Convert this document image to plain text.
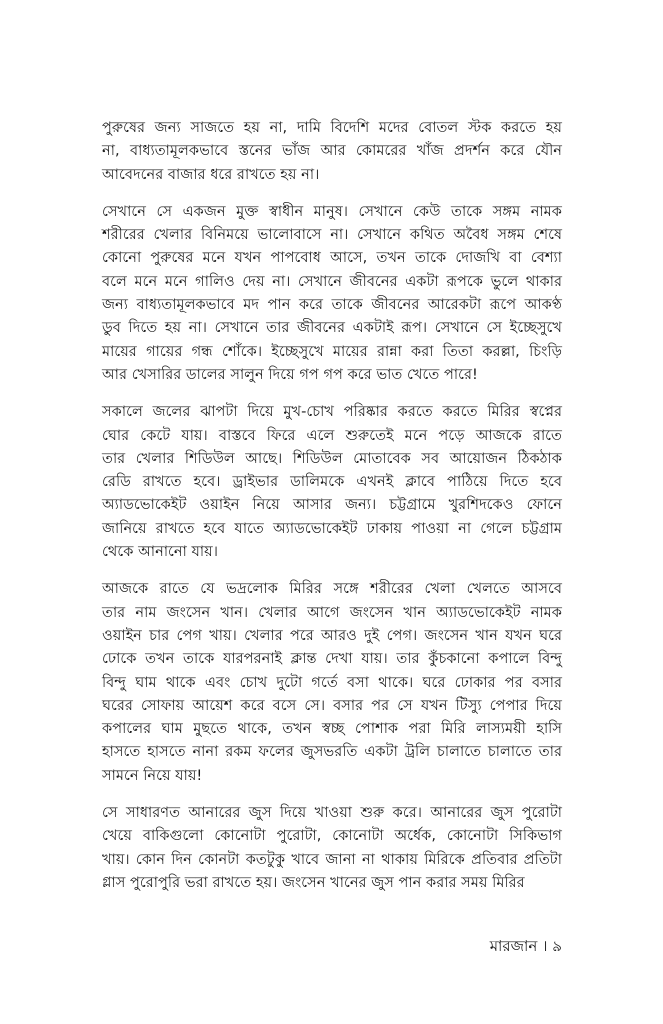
পুরুষের জন্য সাজতে হয় না, দামি বিদেশি মদের বোতল স্টক করতে হয়
না, বাধ্যতামূলকভাবে স্তনের ভাঁজ আর কোমরের খাঁজ প্রদর্শন করে যৌন
আবেদনের বাজার ধরে রাখতে হয় না।

সেখানে সে একজন মুক্ত স্বাধীন মানুষ। সেখানে কেউ তাকে সঙ্গম নামক
শরীরের খেলার বিনিময়ে ভালোবাসে না। সেখানে কথিত অবৈধ সঙ্গম শেষে
কোনো পুরুষের মনে যখন পাপবোধ আসে, তখন তাকে দোজখি বা বেশ্যা
বলে মনে মনে গালিও দেয় না। সেখানে জীবনের একটা রূপকে ভুলে থাকার
জন্য বাধ্যতামূলকভাবে মদ পান করে তাকে জীবনের আরেকটা রূপে আকণ্ঠ
ডুব দিতে হয় না। সেখানে তার জীবনের একটাই রূপ। সেখানে সে ইচ্ছেসুখে
মায়ের গায়ের গন্ধ শোঁকে। ইচ্ছেসুখে মায়ের রান্না করা তিতা করল্লা, চিংড়ি
আর খেসারির ডালের সালুন দিয়ে গপ গপ করে ভাত খেতে পারে!

সকালে জলের ঝাপটা দিয়ে মুখ-চোখ পরিষ্কার করতে করতে মিরির স্বপ্নের
ঘোর কেটে যায়। বাস্তবে ফিরে এলে শুরুতেই মনে পড়ে আজকে রাতে
তার খেলার শিডিউল আছে। শিডিউল মোতাবেক সব আয়োজন ঠিকঠাক
রেডি রাখতে হবে। ড্রাইভার ডালিমকে এখনই ক্লাবে পাঠিয়ে দিতে হবে
অ্যাডভোকেইট ওয়াইন নিয়ে আসার জন্য। চট্টগ্রামে খুরশিদকেও ফোনে
জানিয়ে রাখতে হবে যাতে অ্যাডভোকেইট ঢাকায় পাওয়া না গেলে চট্টগ্রাম
থেকে আনানো যায়।

আজকে রাতে যে ভদ্রলোক মিরির সঙ্গে শরীরের খেলা খেলতে আসবে
তার নাম জংসেন খান। খেলার আগে জংসেন খান অ্যাডভোকেইট নামক
ওয়াইন চার পেগ খায়। খেলার পরে আরও দুই পেগ। জংসেন খান যখন ঘরে
ঢোকে তখন তাকে যারপরনাই ক্লান্ত দেখা যায়। তার কুঁচকানো কপালে বিন্দু
বিন্দু ঘাম থাকে এবং চোখ দুটো গর্তে বসা থাকে। ঘরে ঢোকার পর বসার
ঘরের সোফায় আয়েশ করে বসে সে। বসার পর সে যখন টিস্যু পেপার দিয়ে
কপালের ঘাম মুছতে থাকে, তখন স্বচ্ছ পোশাক পরা মিরি লাস্যময়ী হাসি
হাসতে হাসতে নানা রকম ফলের জুসভরতি একটা ট্রলি চালাতে চালাতে তার
সামনে নিয়ে যায়!

সে সাধারণত আনারের জুস দিয়ে খাওয়া শুরু করে। আনারের জুস পুরোটা
খেয়ে বাকিগুলো কোনোটা পুরোটা, কোনোটা অর্ধেক, কোনোটা সিকিভাগ
খায়। কোন দিন কোনটা কতটুকু খাবে জানা না থাকায় মিরিকে প্রতিবার প্রতিটা
গ্লাস পুরোপুরি ভরা রাখতে হয়। জংসেন খানের জুস পান করার সময় মিরির

মারজান । ৯
